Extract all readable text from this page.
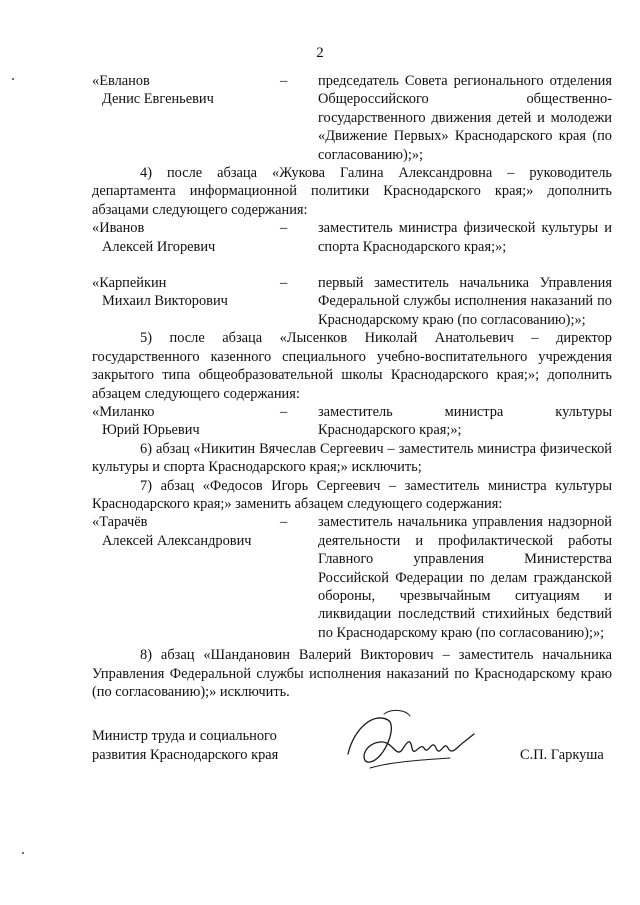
2
«Евланов
Денис Евгеньевич
–	председатель Совета регионального отделения Общероссийского общественно-государственного движения детей и молодежи «Движение Первых» Краснодарского края (по согласованию);»;

4) после абзаца «Жукова Галина Александровна – руководитель департамента информационной политики Краснодарского края;» дополнить абзацами следующего содержания:

«Иванов
Алексей Игоревич
–	заместитель министра физической культуры и спорта Краснодарского края;»;
«Карпейкин
Михаил Викторович
–	первый заместитель начальника Управления Федеральной службы исполнения наказаний по Краснодарскому краю (по согласованию);»;

5) после абзаца «Лысенков Николай Анатольевич – директор государственного казенного специального учебно-воспитательного учреждения закрытого типа общеобразовательной школы Краснодарского края;»; дополнить абзацем следующего содержания:

«Миланко
Юрий Юрьевич
–	заместитель министра культуры Краснодарского края;»;

6) абзац «Никитин Вячеслав Сергеевич – заместитель министра физической культуры и спорта Краснодарского края;» исключить;

7) абзац «Федосов Игорь Сергеевич – заместитель министра культуры Краснодарского края;» заменить абзацем следующего содержания:

«Тарачёв
Алексей Александрович
–	заместитель начальника управления надзорной деятельности и профилактической работы Главного управления Министерства Российской Федерации по делам гражданской обороны, чрезвычайным ситуациям и ликвидации последствий стихийных бедствий по Краснодарскому краю (по согласованию);»;

8) абзац «Шандановин Валерий Викторович – заместитель начальника Управления Федеральной службы исполнения наказаний по Краснодарскому краю (по согласованию);» исключить.

Министр труда и социального
развития Краснодарского края	С.П. Гаркуша
